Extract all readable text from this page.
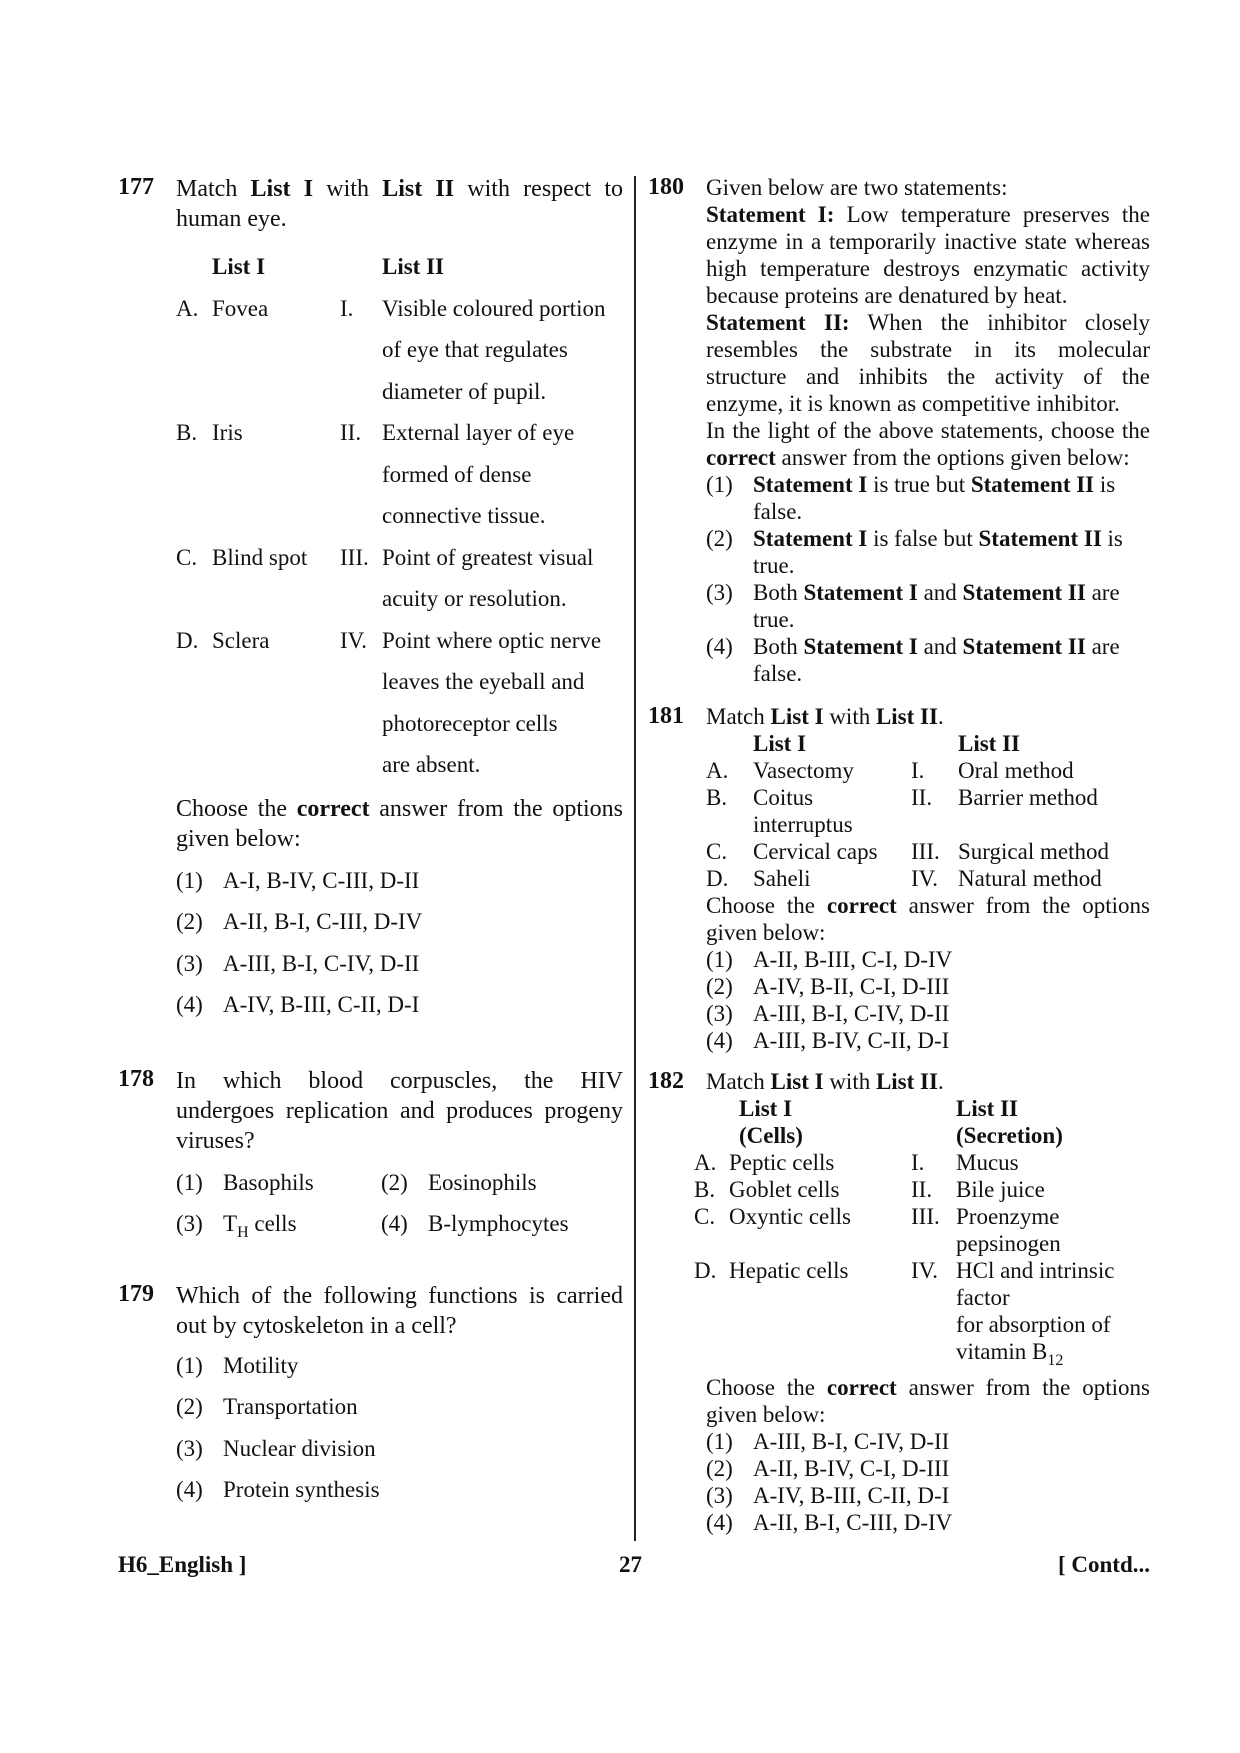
177 Match List I with List II with respect to human eye.
List I	List II
A. Fovea	I.	Visible coloured portion
of eye that regulates
diameter of pupil.
B. Iris	II. External layer of eye
formed of dense
connective tissue.
C. Blind spot	III. Point of greatest visual
acuity or resolution.
D. Sclera	IV. Point where optic nerve
leaves the eyeball and
photoreceptor cells
are absent.
Choose the correct answer from the options given below:
(1) A-I, B-IV, C-III, D-II
(2) A-II, B-I, C-III, D-IV
(3) A-III, B-I, C-IV, D-II
(4) A-IV, B-III, C-II, D-I
178 In which blood corpuscles, the HIV undergoes replication and produces progeny viruses?
(1) Basophils	(2) Eosinophils
(3) $T_H$ cells	(4) B-lymphocytes
179 Which of the following functions is carried out by cytoskeleton in a cell?
(1) Motility
(2) Transportation
(3) Nuclear division
(4) Protein synthesis
180 Given below are two statements:
Statement I: Low temperature preserves the enzyme in a temporarily inactive state whereas high temperature destroys enzymatic activity because proteins are denatured by heat.
Statement II: When the inhibitor closely resembles the substrate in its molecular structure and inhibits the activity of the enzyme, it is known as competitive inhibitor.
In the light of the above statements, choose the correct answer from the options given below:
(1) Statement I is true but Statement II is false.
(2) Statement I is false but Statement II is true.
(3) Both Statement I and Statement II are true.
(4) Both Statement I and Statement II are false.
181 Match List I with List II.
List I	List II
A.	Vasectomy	I.	Oral method
B.	Coitus	II.	Barrier method
interruptus
C.	Cervical caps	III. Surgical method
D.	Saheli	IV. Natural method
Choose the correct answer from the options given below:
(1) A-II, B-III, C-I, D-IV
(2) A-IV, B-II, C-I, D-III
(3) A-III, B-I, C-IV, D-II
(4) A-III, B-IV, C-II, D-I
182 Match List I with List II.
List I	List II
(Cells)	(Secretion)
A. Peptic cells	I.	Mucus
B. Goblet cells	II.	Bile juice
C. Oxyntic cells	III. Proenzyme pepsinogen
D. Hepatic cells	IV. HCl and intrinsic factor
for absorption of
vitamin $B_{12}$
Choose the correct answer from the options given below:
(1) A-III, B-I, C-IV, D-II
(2) A-II, B-IV, C-I, D-III
(3) A-IV, B-III, C-II, D-I
(4) A-II, B-I, C-III, D-IV
H6_English ]	27	[ Contd...
